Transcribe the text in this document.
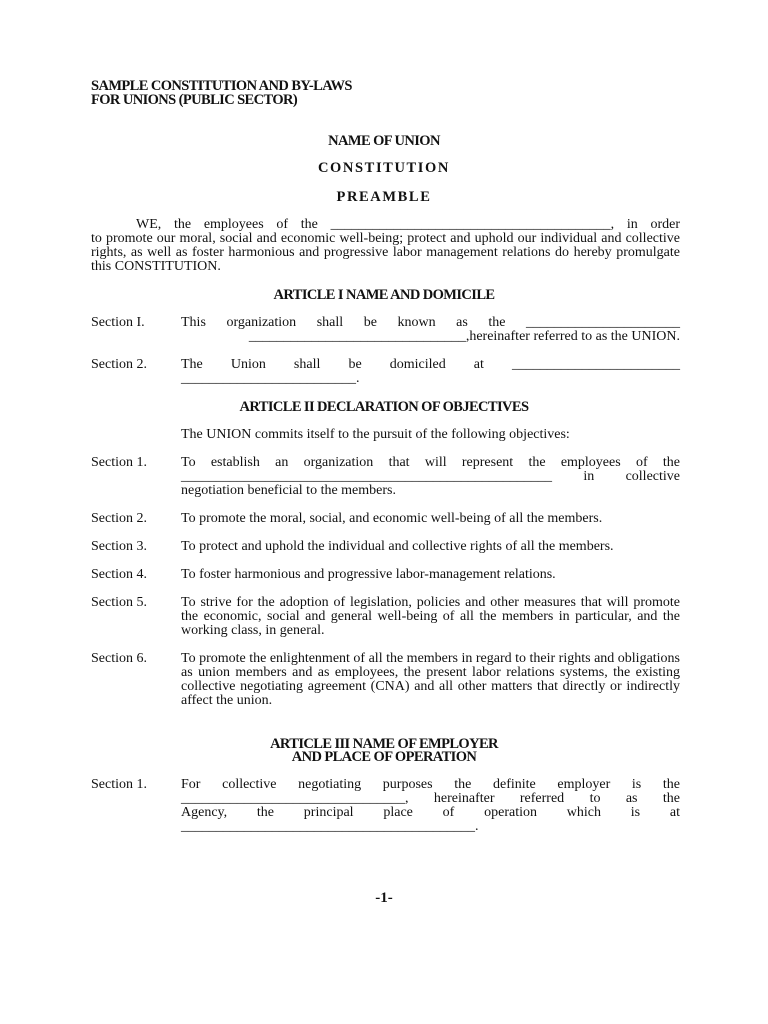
SAMPLE CONSTITUTION AND BY-LAWS
FOR UNIONS (PUBLIC SECTOR)
NAME OF UNION
CONSTITUTION
PREAMBLE
WE, the employees of the ________________________________________, in order
to promote our moral, social and economic well-being; protect and uphold our individual and collective rights, as well as foster harmonious and progressive labor management relations do hereby promulgate this CONSTITUTION.
ARTICLE I NAME AND DOMICILE
Section I.	This organization shall be known as the ______________________
_______________________________,hereinafter referred to as the UNION.
Section 2. The Union shall be domiciled at ________________________
_________________________.
ARTICLE II DECLARATION OF OBJECTIVES
The UNION commits itself to the pursuit of the following objectives:
Section 1. To establish an organization that will represent the employees of the
_____________________________________________________ in collective
negotiation beneficial to the members.
Section 2. To promote the moral, social, and economic well-being of all the members.
Section 3. To protect and uphold the individual and collective rights of all the members.
Section 4. To foster harmonious and progressive labor-management relations.
Section 5. To strive for the adoption of legislation, policies and other measures that will promote the economic, social and general well-being of all the members in particular, and the working class, in general.
Section 6. To promote the enlightenment of all the members in regard to their rights and obligations as union members and as employees, the present labor relations systems, the existing collective negotiating agreement (CNA) and all other matters that directly or indirectly affect the union.
ARTICLE III NAME OF EMPLOYER
AND PLACE OF OPERATION
Section 1. For collective negotiating purposes the definite employer is the
________________________________, hereinafter referred to as the
Agency, the principal place of operation which is at
__________________________________________.
-1-
